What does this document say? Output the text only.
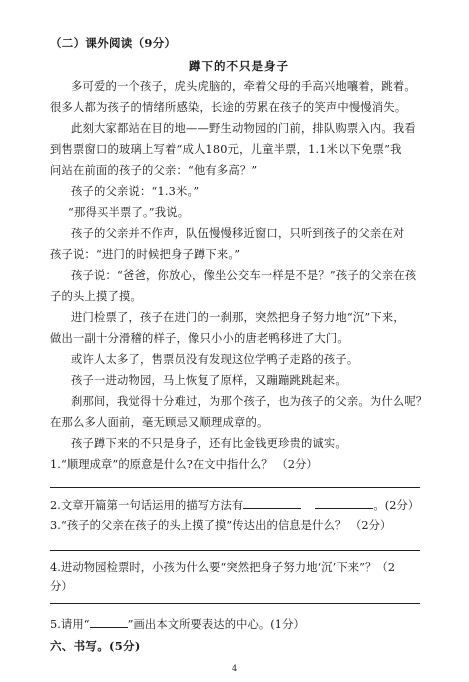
（二）课外阅读（9分）
蹲下的不只是身子
多可爱的一个孩子，虎头虎脑的，牵着父母的手高兴地嚷着，跳着。
很多人都为孩子的情绪所感染，长途的劳累在孩子的笑声中慢慢消失。
此刻大家都站在目的地——野生动物园的门前，排队购票入内。我看
到售票窗口的玻璃上写着“成人180元，儿童半票，1.1米以下免票”我
问站在前面的孩子的父亲：“他有多高？”
孩子的父亲说：“1.3米。”
“那得买半票了。”我说。
孩子的父亲并不作声，队伍慢慢移近窗口，只听到孩子的父亲在对
孩子说：“进门的时候把身子蹲下来。”
孩子说：“爸爸，你放心，像坐公交车一样是不是？”孩子的父亲在孩
子的头上摸了摸。
进门检票了，孩子在进门的一刹那，突然把身子努力地“沉”下来，
做出一副十分滑稽的样子，像只小小的唐老鸭移进了大门。
或许人太多了，售票员没有发现这位学鸭子走路的孩子。
孩子一进动物园，马上恢复了原样，又蹦蹦跳跳起来。
刹那间，我觉得十分难过，为那个孩子，也为孩子的父亲。为什么呢？
在那么多人面前，毫无顾忌又顺理成章的。
孩子蹲下来的不只是身子，还有比金钱更珍贵的诚实。
1.“顺理成章”的原意是什么?在文中指什么？ （2分）
2.文章开篇第一句话运用的描写方法有	。(2分）
3.“孩子的父亲在孩子的头上摸了摸”传达出的信息是什么？ （2分）
4.进动物园检票时，小孩为什么要“突然把身子努力地‘沉’下来”？（2
分）
5.请用“	”画出本文所要表达的中心。(1分）
六、书写。(5分)
4
